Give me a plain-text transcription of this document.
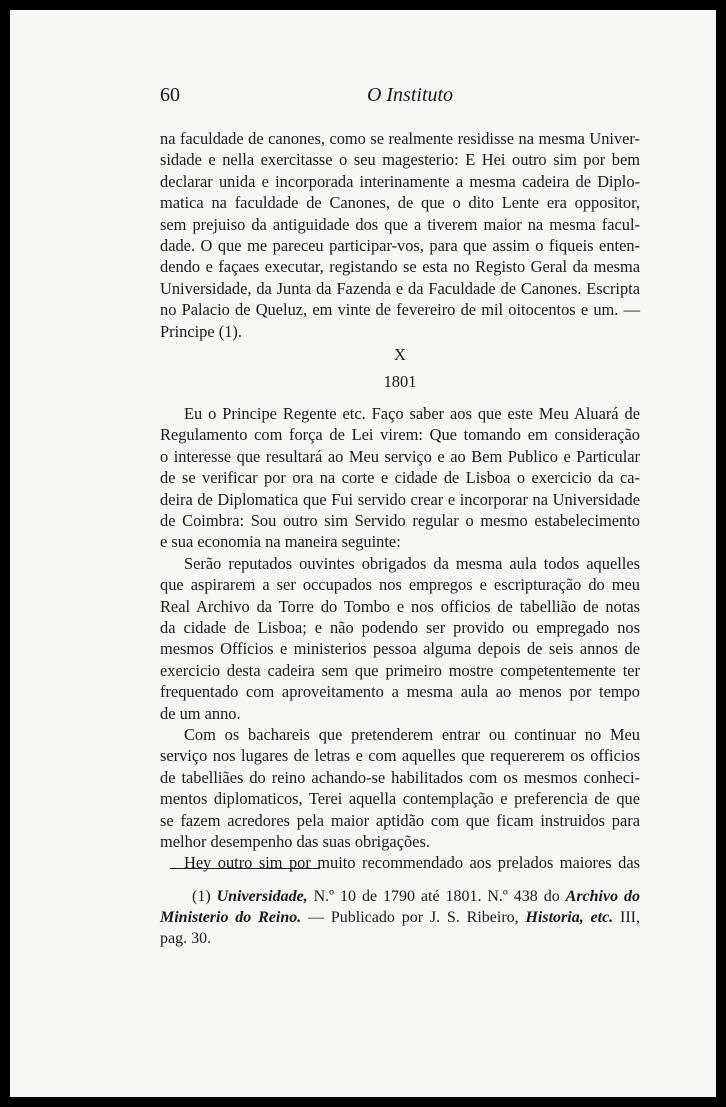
60	O Instituto
na faculdade de canones, como se realmente residisse na mesma Univer-
sidade e nella exercitasse o seu magesterio: E Hei outro sim por bem
declarar unida e incorporada interinamente a mesma cadeira de Diplo-
matica na faculdade de Canones, de que o dito Lente era oppositor,
sem prejuiso da antiguidade dos que a tiverem maior na mesma facul-
dade. O que me pareceu participar-vos, para que assim o fiqueis enten-
dendo e façaes executar, registando se esta no Registo Geral da mesma
Universidade, da Junta da Fazenda e da Faculdade de Canones. Escripta
no Palacio de Queluz, em vinte de fevereiro de mil oitocentos e um. —
Principe (1).
X
1801
Eu o Principe Regente etc. Faço saber aos que este Meu Aluará de
Regulamento com força de Lei virem: Que tomando em consideração
o interesse que resultará ao Meu serviço e ao Bem Publico e Particular
de se verificar por ora na corte e cidade de Lisboa o exercicio da ca-
deira de Diplomatica que Fui servido crear e incorporar na Universidade
de Coimbra: Sou outro sim Servido regular o mesmo estabelecimento
e sua economia na maneira seguinte:
Serão reputados ouvintes obrigados da mesma aula todos aquelles
que aspirarem a ser occupados nos empregos e escripturação do meu
Real Archivo da Torre do Tombo e nos officios de tabellião de notas
da cidade de Lisboa; e não podendo ser provido ou empregado nos
mesmos Officios e ministerios pessoa alguma depois de seis annos de
exercicio desta cadeira sem que primeiro mostre competentemente ter
frequentado com aproveitamento a mesma aula ao menos por tempo
de um anno.
Com os bachareis que pretenderem entrar ou continuar no Meu
serviço nos lugares de letras e com aquelles que requererem os officios
de tabelliães do reino achando-se habilitados com os mesmos conheci-
mentos diplomaticos, Terei aquella contemplação e preferencia de que
se fazem acredores pela maior aptidão com que ficam instruidos para
melhor desempenho das suas obrigações.
Hey outro sim por muito recommendado aos prelados maiores das
(1) Universidade, N.º 10 de 1790 até 1801. N.º 438 do Archivo do
Ministerio do Reino. — Publicado por J. S. Ribeiro, Historia, etc. III,
pag. 30.
